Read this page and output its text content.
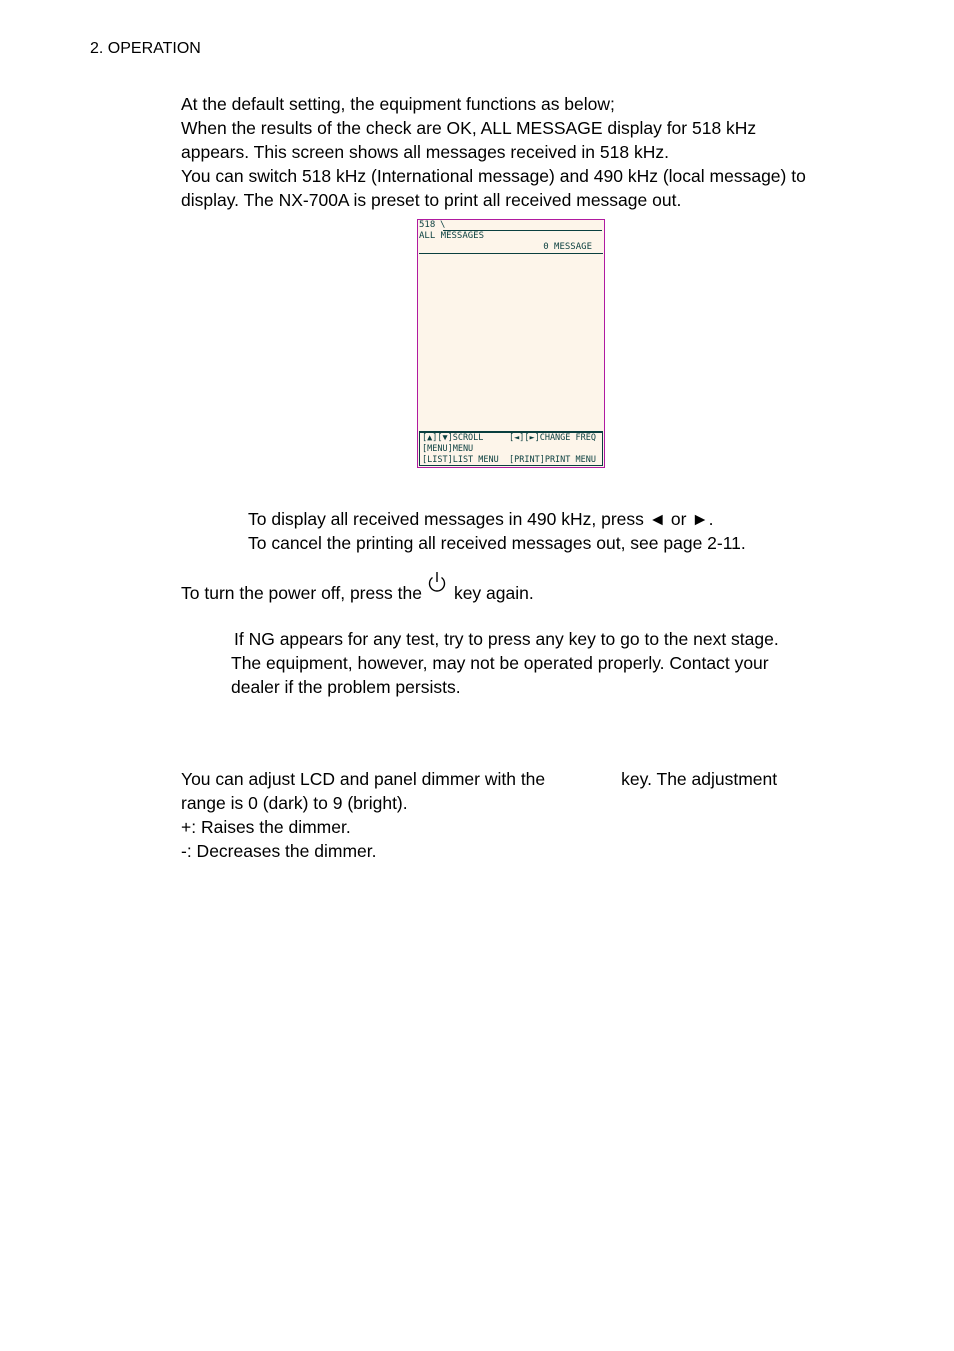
2. OPERATION
At the default setting, the equipment functions as below;
When the results of the check are OK, ALL MESSAGE display for 518 kHz
appears. This screen shows all messages received in 518 kHz.
You can switch 518 kHz (International message) and 490 kHz (local message) to
display. The NX-700A is preset to print all received message out.
518 \
ALL MESSAGES
0 MESSAGE
[▲][▼]SCROLL	[◄][►]CHANGE FREQ
[MENU]MENU
[LIST]LIST MENU [PRINT]PRINT MENU
To display all received messages in 490 kHz, press ◄ or ►.
To cancel the printing all received messages out, see page 2-11.
To turn the power off, press the key again.
If NG appears for any test, try to press any key to go to the next stage.
The equipment, however, may not be operated properly. Contact your
dealer if the problem persists.
You can adjust LCD and panel dimmer with the	key. The adjustment
range is 0 (dark) to 9 (bright).
+: Raises the dimmer.
-: Decreases the dimmer.
